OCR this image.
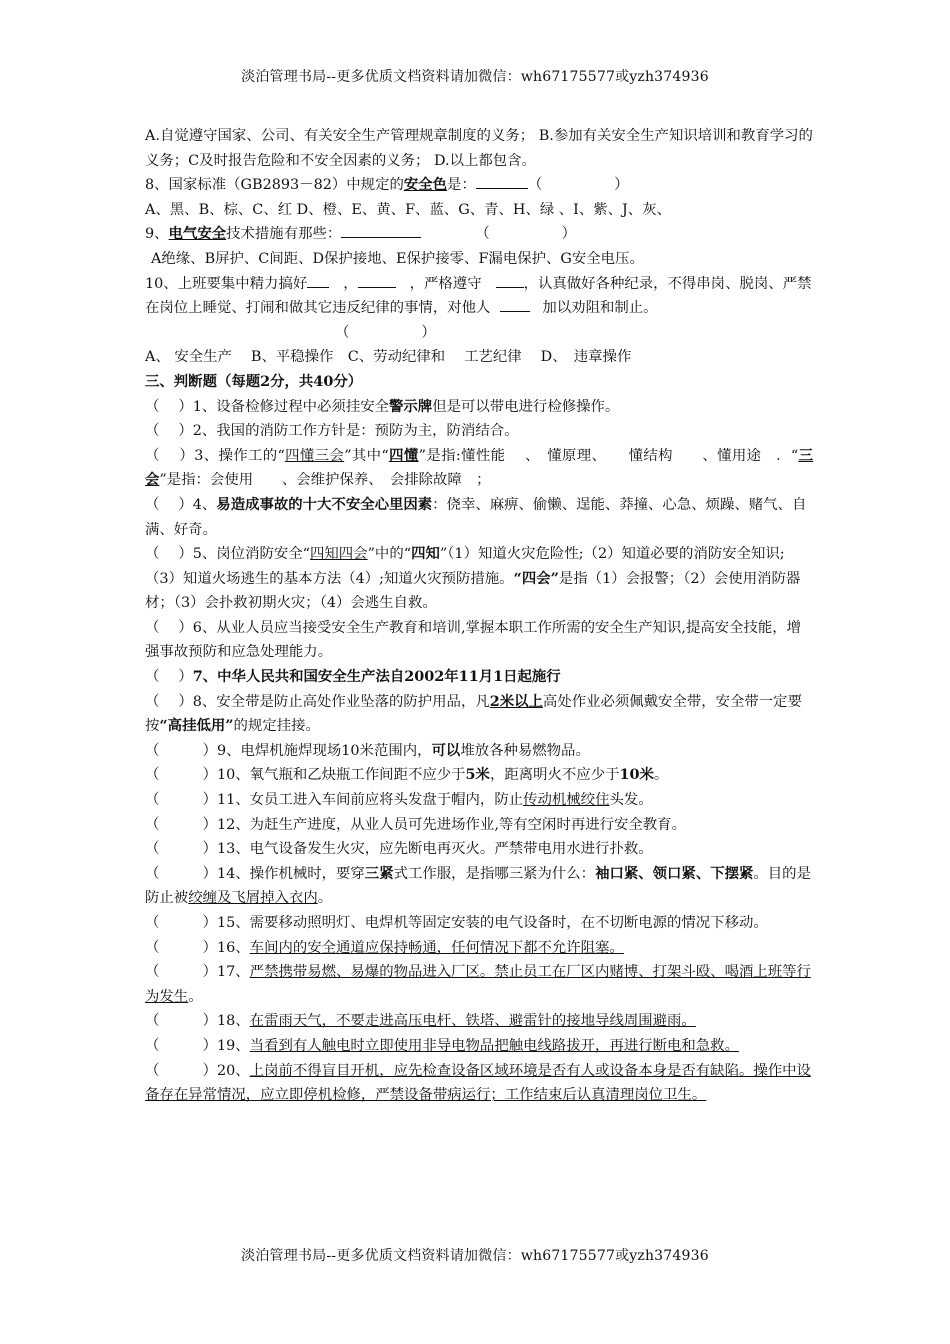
淡泊管理书局--更多优质文档资料请加微信：wh67175577或yzh374936

A.自觉遵守国家、公司、有关安全生产管理规章制度的义务； B.参加有关安全生产知识培训和教育学习的义务；C及时报告危险和不安全因素的义务； D.以上都包含。

8、国家标准（GB2893－82）中规定的安全色是：	（　　　　　）

A、黑、B、棕、C、红 D、橙、E、黄、F、蓝、G、青、H、绿 、I、紫、J、灰、

9、电气安全技术措施有那些：	（　　　　　）

A绝缘、B屏护、C间距、D保护接地、E保护接零、F漏电保护、G安全电压。

10、上班要集中精力搞好	，	，严格遵守	，认真做好各种纪录，不得串岗、脱岗、严禁在岗位上睡觉、打闹和做其它违反纪律的事情，对他人	加以劝阻和制止。（　　　　　）

A、 安全生产　 B、平稳操作　C、劳动纪律和　 工艺纪律　 D、　违章操作

三、判断题（每题2分，共40分）

（　 ）1、设备检修过程中必须挂安全警示牌但是可以带电进行检修操作。

（　 ）2、我国的消防工作方针是：预防为主，防消结合。

（　 ）3、操作工的“四懂三会”其中“四懂”是指:懂性能　 、　懂原理、　　懂结构　　、懂用途　．“三会”是指：会使用　　、会维护保养、　会排除故障　；

（　 ）4、易造成事故的十大不安全心里因素：侥幸、麻痹、偷懒、逞能、莽撞、心急、烦躁、赌气、自满、好奇。

（　 ）5、岗位消防安全“四知四会”中的“四知”（1）知道火灾危险性;（2）知道必要的消防安全知识;（3）知道火场逃生的基本方法（4）;知道火灾预防措施。“四会”是指（1）会报警；（2）会使用消防器材；（3）会扑救初期火灾；（4）会逃生自救。

（　 ）6、从业人员应当接受安全生产教育和培训,掌握本职工作所需的安全生产知识,提高安全技能，增强事故预防和应急处理能力。

（　 ）7、中华人民共和国安全生产法自2002年11月1日起施行

（　 ）8、安全带是防止高处作业坠落的防护用品，凡2米以上高处作业必须佩戴安全带，安全带一定要按“高挂低用”的规定挂接。

（　　　）9、电焊机施焊现场10米范围内，可以堆放各种易燃物品。

（　　　）10、氧气瓶和乙炔瓶工作间距不应少于5米，距离明火不应少于10米。

（　　　）11、女员工进入车间前应将头发盘于帽内，防止传动机械绞住头发。

（　　　）12、为赶生产进度，从业人员可先进场作业,等有空闲时再进行安全教育。

（　　　）13、电气设备发生火灾，应先断电再灭火。严禁带电用水进行扑救。

（　　　）14、操作机械时，要穿三紧式工作服，是指哪三紧为什么：袖口紧、领口紧、下摆紧。目的是防止被绞缠及飞屑掉入衣内。

（　　　）15、需要移动照明灯、电焊机等固定安装的电气设备时，在不切断电源的情况下移动。

（　　　）16、车间内的安全通道应保持畅通，任何情况下都不允许阻塞。

（　　　）17、严禁携带易燃、易爆的物品进入厂区。禁止员工在厂区内赌博、打架斗殴、喝酒上班等行为发生。

（　　　）18、在雷雨天气，不要走进高压电杆、铁塔、避雷针的接地导线周围避雨。

（　　　）19、当看到有人触电时立即使用非导电物品把触电线路拔开，再进行断电和急救。

（　　　）20、上岗前不得盲目开机，应先检查设备区域环境是否有人或设备本身是否有缺陷。操作中设备存在异常情况，应立即停机检修，严禁设备带病运行；工作结束后认真清理岗位卫生。

淡泊管理书局--更多优质文档资料请加微信：wh67175577或yzh374936
